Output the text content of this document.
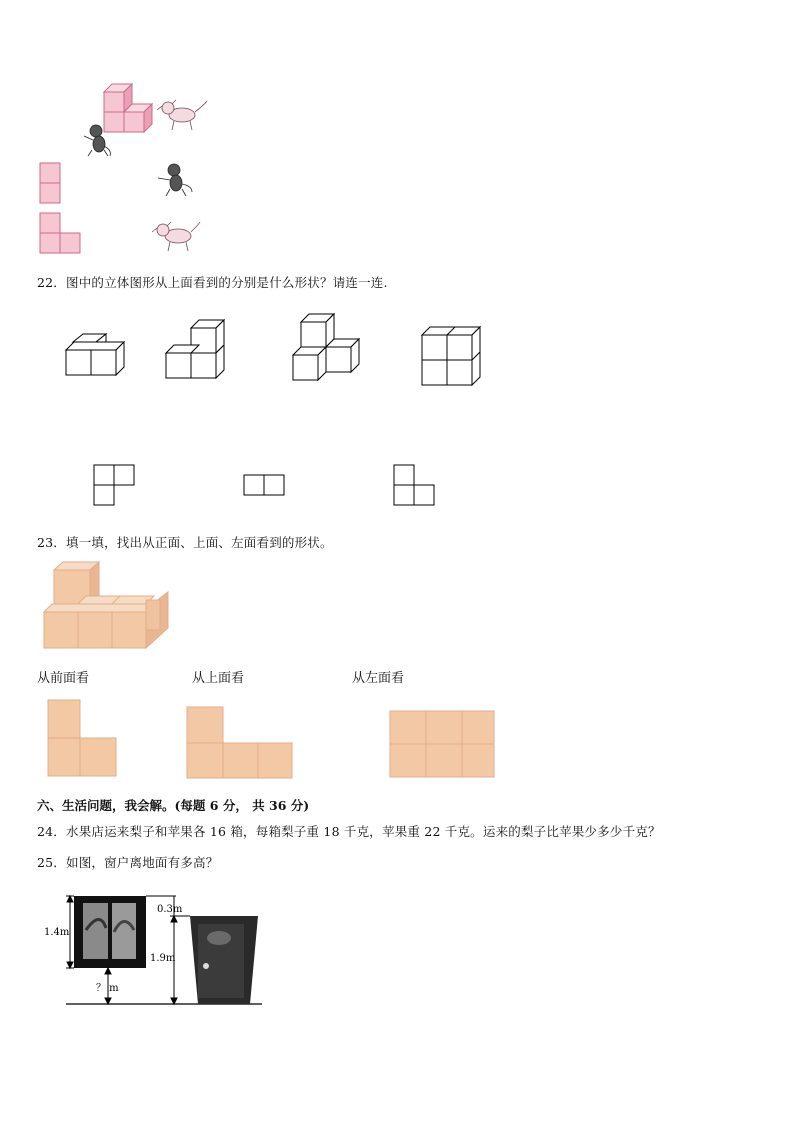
22．图中的立体图形从上面看到的分别是什么形状？请连一连.
23．填一填，找出从正面、上面、左面看到的形状。
从前面看	从上面看	从左面看
六、生活问题，我会解。(每题 6 分， 共 36 分)
24．水果店运来梨子和苹果各 16 箱，每箱梨子重 18 千克，苹果重 22 千克。运来的梨子比苹果少多少千克？
25．如图，窗户离地面有多高？
1.4m
0.3m
1.9m
？ m
